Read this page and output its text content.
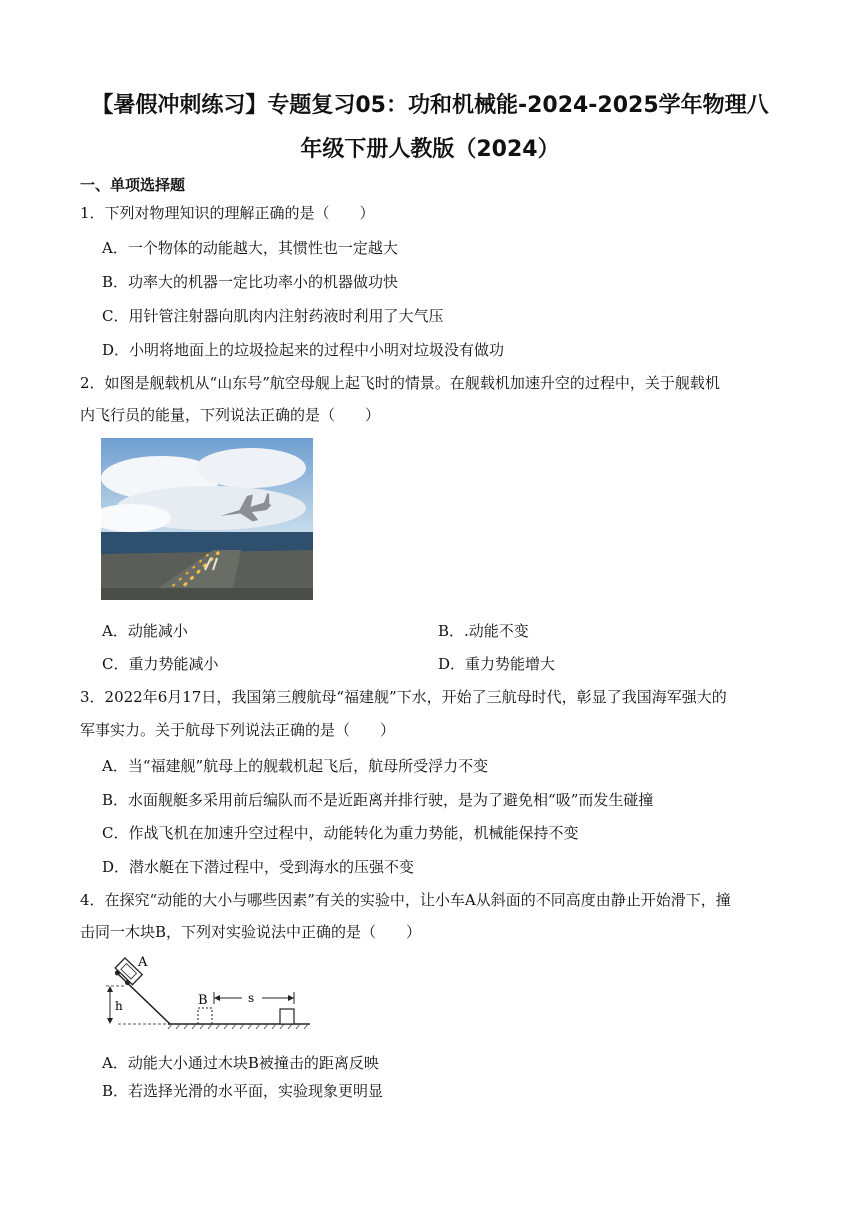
【暑假冲刺练习】专题复习05：功和机械能-2024-2025学年物理八
年级下册人教版（2024）
一、单项选择题
1．下列对物理知识的理解正确的是（　　）
A．一个物体的动能越大，其惯性也一定越大
B．功率大的机器一定比功率小的机器做功快
C．用针管注射器向肌肉内注射药液时利用了大气压
D．小明将地面上的垃圾捡起来的过程中小明对垃圾没有做功
2．如图是舰载机从“山东号”航空母舰上起飞时的情景。在舰载机加速升空的过程中，关于舰载机
内飞行员的能量，下列说法正确的是（　　）
A．动能减小	B．.动能不变
C．重力势能减小	D．重力势能增大
3．2022年6月17日，我国第三艘航母“福建舰”下水，开始了三航母时代，彰显了我国海军强大的
军事实力。关于航母下列说法正确的是（　　）
A．当“福建舰”航母上的舰载机起飞后，航母所受浮力不变
B．水面舰艇多采用前后编队而不是近距离并排行驶，是为了避免相“吸”而发生碰撞
C．作战飞机在加速升空过程中，动能转化为重力势能，机械能保持不变
D．潜水艇在下潜过程中，受到海水的压强不变
4．在探究“动能的大小与哪些因素”有关的实验中，让小车A从斜面的不同高度由静止开始滑下，撞
击同一木块B，下列对实验说法中正确的是（　　）
h
A
B	s
A．动能大小通过木块B被撞击的距离反映
B．若选择光滑的水平面，实验现象更明显
